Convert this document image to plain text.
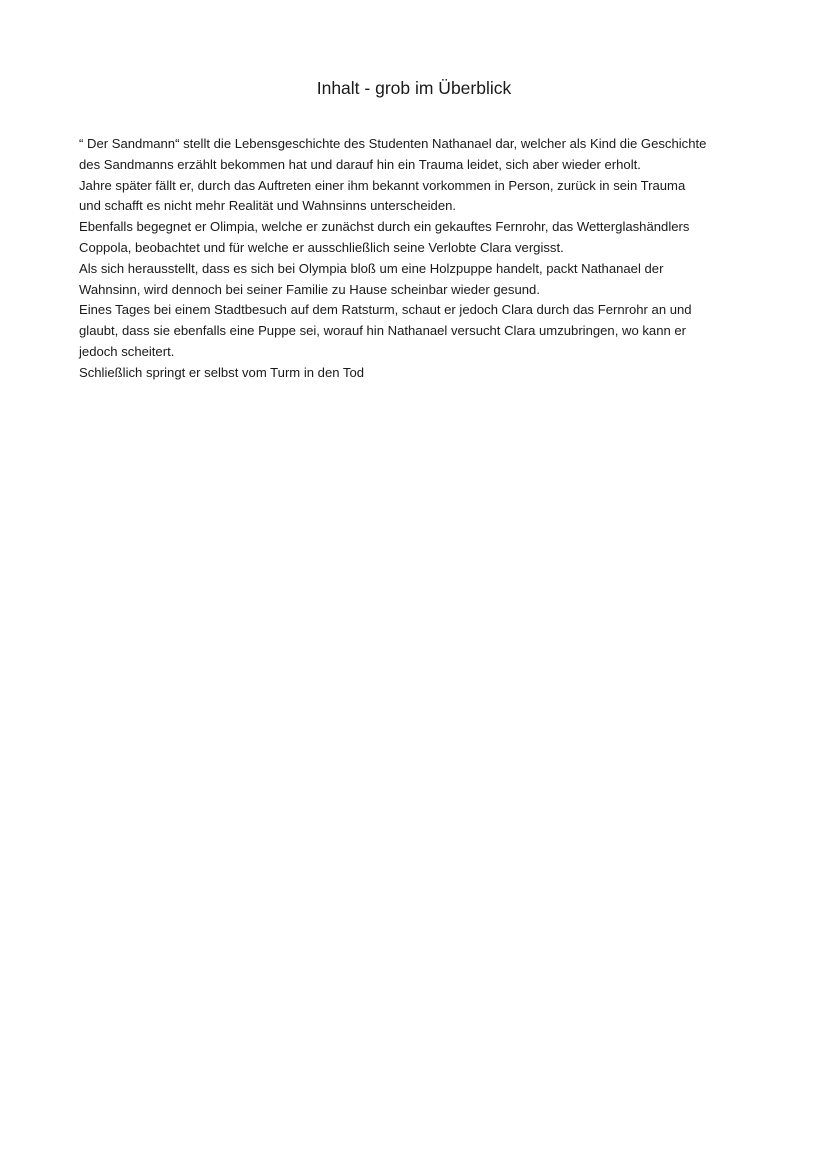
Inhalt - grob im Überblick
“ Der Sandmann“ stellt die Lebensgeschichte des Studenten Nathanael dar, welcher als Kind die Geschichte
des Sandmanns erzählt bekommen hat und darauf hin ein Trauma leidet, sich aber wieder erholt.
Jahre später fällt er, durch das Auftreten einer ihm bekannt vorkommen in Person, zurück in sein Trauma
und schafft es nicht mehr Realität und Wahnsinns unterscheiden.
Ebenfalls begegnet er Olimpia, welche er zunächst durch ein gekauftes Fernrohr, das Wetterglashändlers
Coppola, beobachtet und für welche er ausschließlich seine Verlobte Clara vergisst.
Als sich herausstellt, dass es sich bei Olympia bloß um eine Holzpuppe handelt, packt Nathanael der
Wahnsinn, wird dennoch bei seiner Familie zu Hause scheinbar wieder gesund.
Eines Tages bei einem Stadtbesuch auf dem Ratsturm, schaut er jedoch Clara durch das Fernrohr an und
glaubt, dass sie ebenfalls eine Puppe sei, worauf hin Nathanael versucht Clara umzubringen, wo kann er
jedoch scheitert.
Schließlich springt er selbst vom Turm in den Tod
